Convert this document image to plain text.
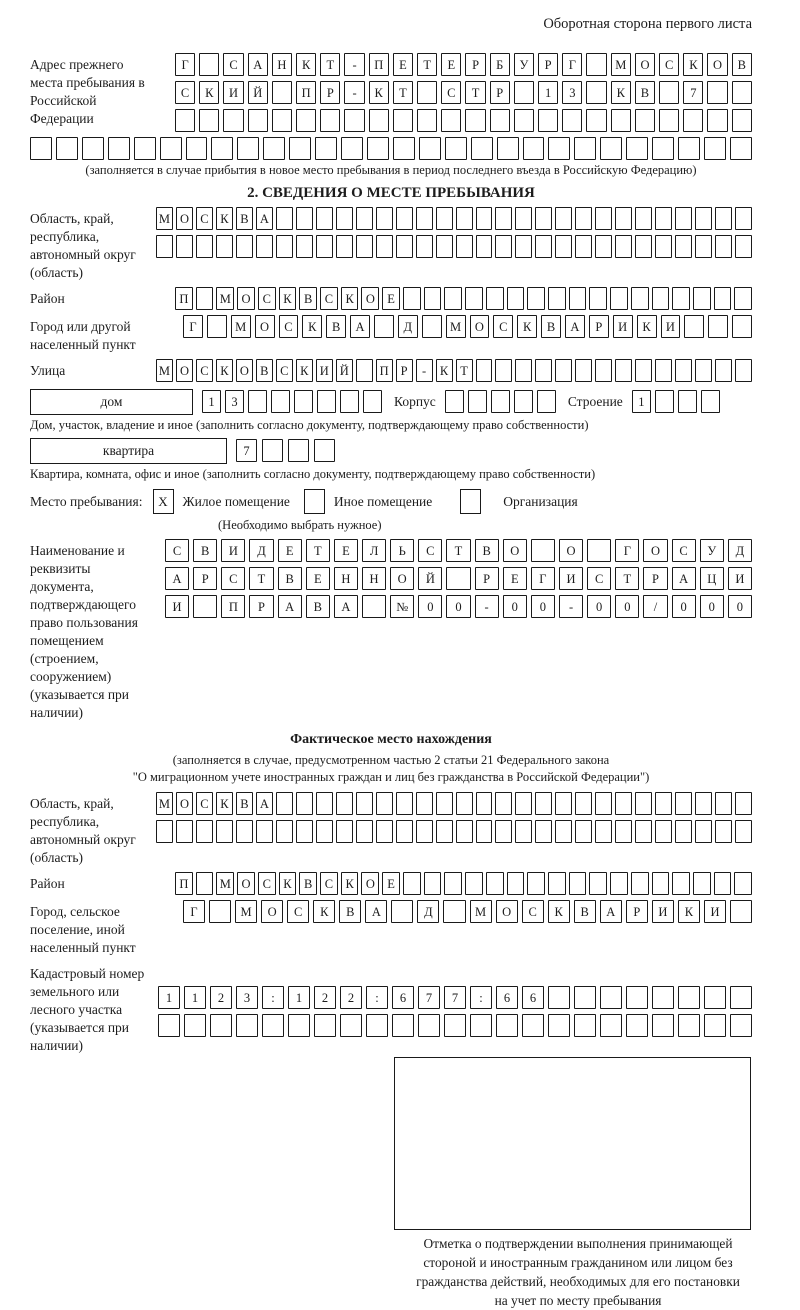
Оборотная сторона первого листа
Адрес прежнего места пребывания в Российской Федерации
Г	С	А	Н	К	Т	-	П	Е	Т	Е	Р	Б	У	Р	Г	М	О	С	К	О	В
С	К	И	Й	П	Р	-	К	Т	С	Т	Р	1	3	К	В	7
(заполняется в случае прибытия в новое место пребывания в период последнего въезда в Российскую Федерацию)
2. СВЕДЕНИЯ О МЕСТЕ ПРЕБЫВАНИЯ
Область, край, республика, автономный округ (область)
М О С К В А
Район	П	М О С К В С К О Е
Город или другой населенный пункт
Г	М	О	С	К	В	А	Д	М	О	С	К	В	А	Р	И	К	И
Улица	М О С К О В С К И Й	П Р	-	К Т
дом	1	3	Корпус	Строение	1
Дом, участок, владение и иное (заполнить согласно документу, подтверждающему право собственности)
квартира	7
Квартира, комната, офис и иное (заполнить согласно документу, подтверждающему право собственности)
Место пребывания:	X	Жилое помещение	Иное помещение	Организация
(Необходимо выбрать нужное)
Наименование и реквизиты документа, подтверждающего право пользования помещением (строением, сооружением) (указывается при наличии)
С	В	И	Д	Е	Т	Е	Л	Ь	С	Т	В	О	О	Г	О	С	У	Д
А	Р	С	Т	В	Е	Н	Н	О	Й	Р	Е	Г	И	С	Т	Р	А	Ц	И
И	П	Р	А	В	А	№	0	0	-	0	0	-	0	0	/	0	0	0
Фактическое место нахождения
(заполняется в случае, предусмотренном частью 2 статьи 21 Федерального закона
"О миграционном учете иностранных граждан и лиц без гражданства в Российской Федерации")
Область, край, республика, автономный округ (область)
М О С К В А
Район	П	М О С К В С К О Е
Город, сельское поселение, иной населенный пункт
Г	М	О	С	К	В	А	Д	М	О	С	К	В	А	Р	И	К	И
Кадастровый номер земельного или лесного участка (указывается при наличии)
1	1	2	3	:	1	2	2	:	6	7	7	:	6	6
Отметка о подтверждении выполнения принимающей
стороной и иностранным гражданином или лицом без
гражданства действий, необходимых для его постановки
на учет по месту пребывания
